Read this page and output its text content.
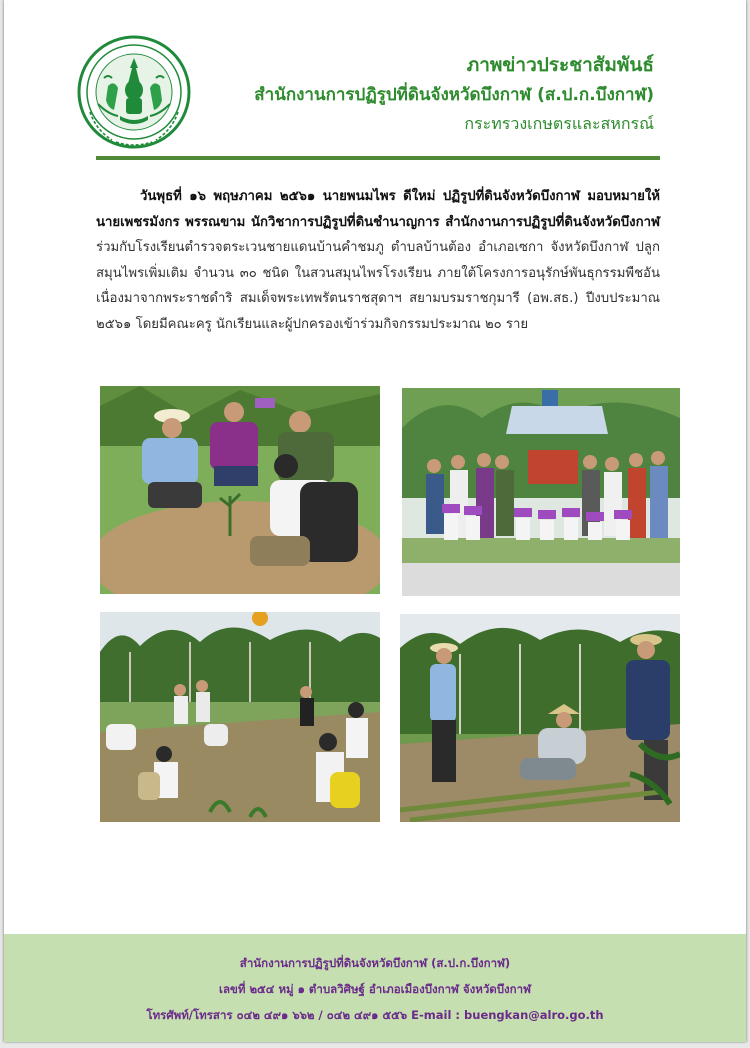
ภาพข่าวประชาสัมพันธ์
สำนักงานการปฏิรูปที่ดินจังหวัดบึงกาฬ (ส.ป.ก.บึงกาฬ)
กระทรวงเกษตรและสหกรณ์
วันพุธที่ ๑๖ พฤษภาคม ๒๕๖๑ นายพนมไพร ดีใหม่ ปฏิรูปที่ดินจังหวัดบึงกาฬ มอบหมายให้นายเพชรมังกร พรรณขาม นักวิชาการปฏิรูปที่ดินชำนาญการ สำนักงานการปฏิรูปที่ดินจังหวัดบึงกาฬ ร่วมกับโรงเรียนตำรวจตระเวนชายแดนบ้านคำชมภู ตำบลบ้านต้อง อำเภอเซกา จังหวัดบึงกาฬ ปลูกสมุนไพรเพิ่มเติม จำนวน ๓๐ ชนิด ในสวนสมุนไพรโรงเรียน ภายใต้โครงการอนุรักษ์พันธุกรรมพืชอันเนื่องมาจากพระราชดำริ สมเด็จพระเทพรัตนราชสุดาฯ สยามบรมราชกุมารี (อพ.สธ.) ปีงบประมาณ ๒๕๖๑ โดยมีคณะครู นักเรียนและผู้ปกครองเข้าร่วมกิจกรรมประมาณ ๒๐ ราย
สำนักงานการปฏิรูปที่ดินจังหวัดบึงกาฬ (ส.ป.ก.บึงกาฬ)
เลขที่ ๒๕๔ หมู่ ๑ ตำบลวิศิษฐ์ อำเภอเมืองบึงกาฬ จังหวัดบึงกาฬ
โทรศัพท์/โทรสาร ๐๔๒ ๔๙๑ ๖๖๒ / ๐๔๒ ๔๙๑ ๕๕๖ E-mail : buengkan@alro.go.th
